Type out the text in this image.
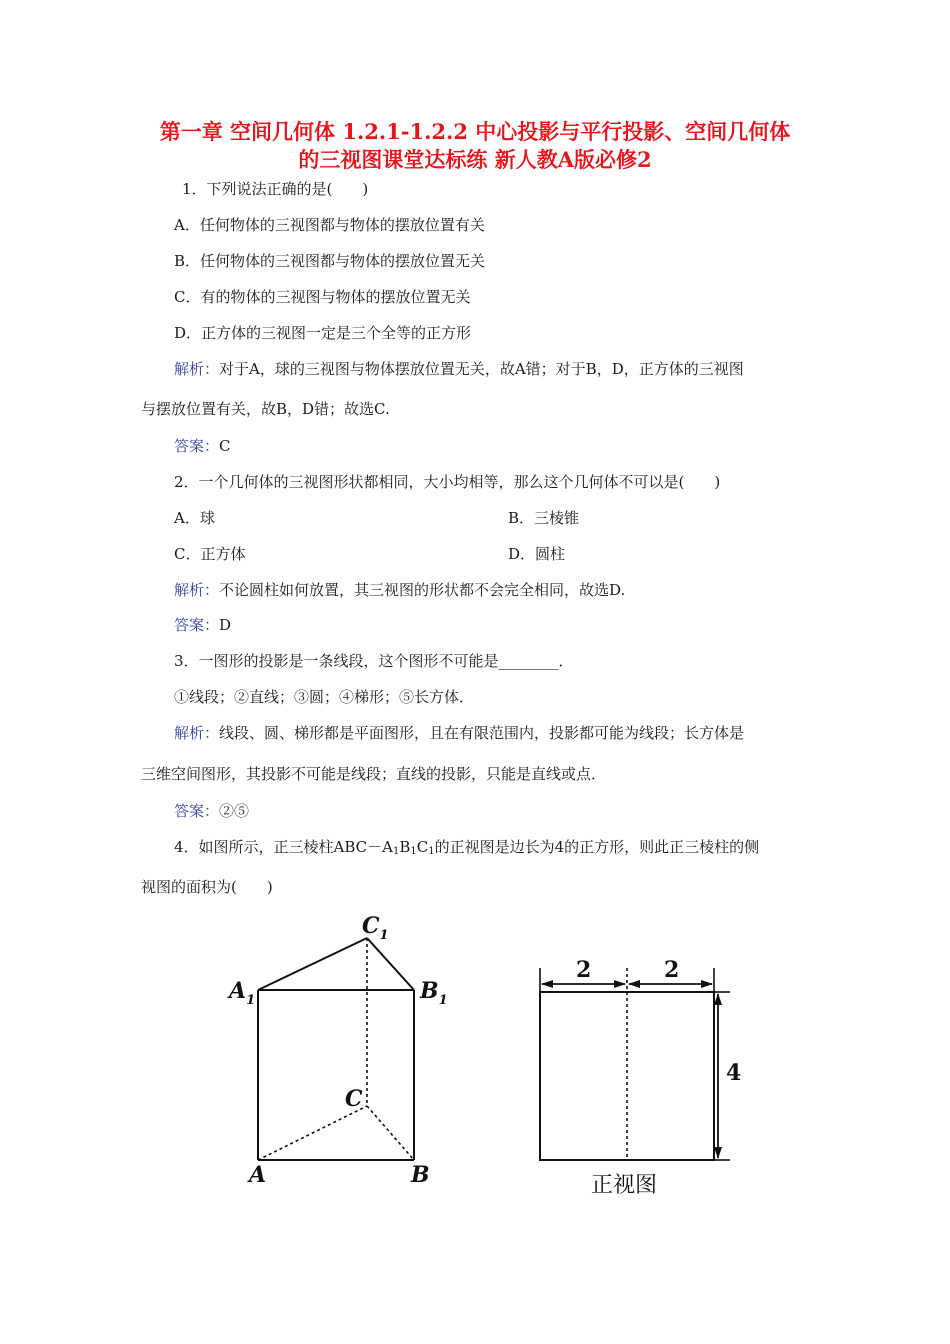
第一章 空间几何体 1.2.1-1.2.2 中心投影与平行投影、空间几何体
的三视图课堂达标练 新人教A版必修2
1．下列说法正确的是(　　)
A．任何物体的三视图都与物体的摆放位置有关
B．任何物体的三视图都与物体的摆放位置无关
C．有的物体的三视图与物体的摆放位置无关
D．正方体的三视图一定是三个全等的正方形
解析：对于A，球的三视图与物体摆放位置无关，故A错；对于B，D，正方体的三视图
与摆放位置有关，故B，D错；故选C.
答案：C
2．一个几何体的三视图形状都相同，大小均相等，那么这个几何体不可以是(　　)
A．球	B．三棱锥
C．正方体	D．圆柱
解析：不论圆柱如何放置，其三视图的形状都不会完全相同，故选D.
答案：D
3．一图形的投影是一条线段，这个图形不可能是________．
①线段；②直线；③圆；④梯形；⑤长方体．
解析：线段、圆、梯形都是平面图形，且在有限范围内，投影都可能为线段；长方体是
三维空间图形，其投影不可能是线段；直线的投影，只能是直线或点．
答案：②⑤
4．如图所示，正三棱柱$ABC-A_1B_1C_1$的正视图是边长为4的正方形，则此正三棱柱的侧
视图的面积为(　　)
$C_1$
$A_1$	$B_1$
C
A	B
2	2
4
正视图
